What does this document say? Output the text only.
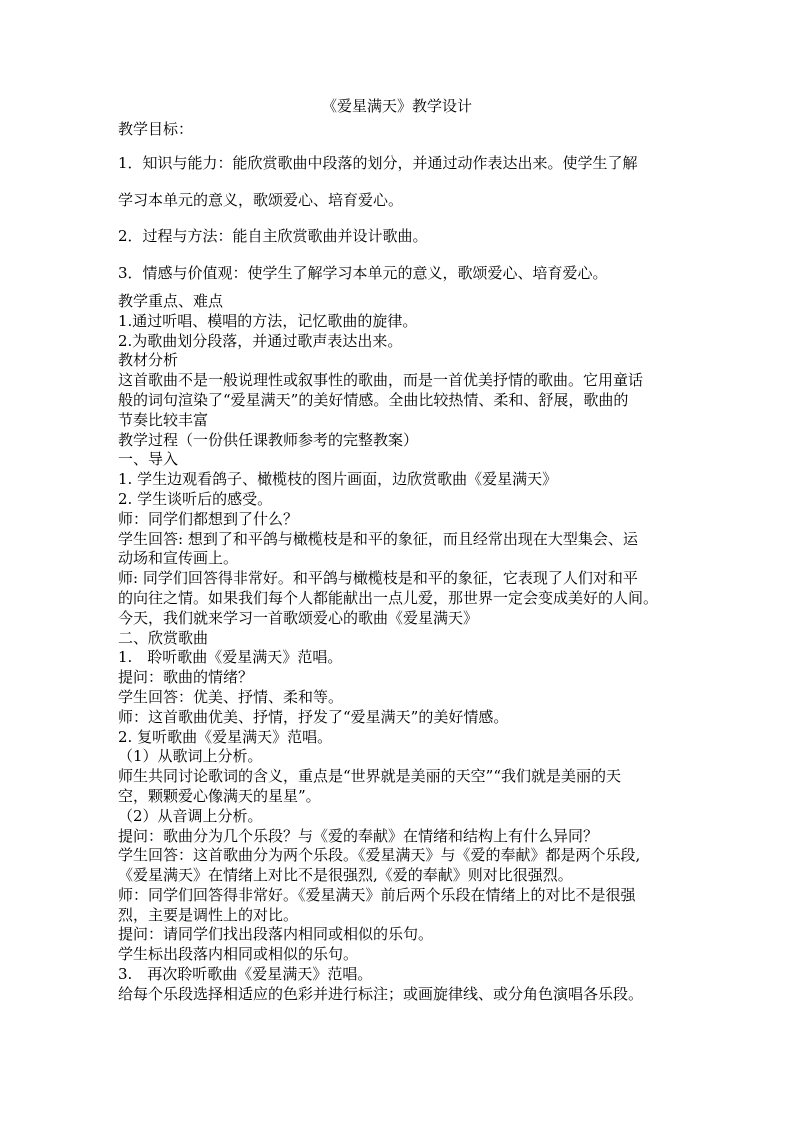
《爱星满天》教学设计

教学目标：

1．知识与能力：能欣赏歌曲中段落的划分，并通过动作表达出来。使学生了解

学习本单元的意义，歌颂爱心、培育爱心。

2．过程与方法：能自主欣赏歌曲并设计歌曲。

3．情感与价值观：使学生了解学习本单元的意义，歌颂爱心、培育爱心。

教学重点、难点

1.通过听唱、模唱的方法，记忆歌曲的旋律。

2.为歌曲划分段落，并通过歌声表达出来。

教材分析

这首歌曲不是一般说理性或叙事性的歌曲，而是一首优美抒情的歌曲。它用童话

般的词句渲染了“爱星满天”的美好情感。全曲比较热情、柔和、舒展，歌曲的

节奏比较丰富

教学过程（一份供任课教师参考的完整教案）

一、导入

1. 学生边观看鸽子、橄榄枝的图片画面，边欣赏歌曲《爱星满天》

2. 学生谈听后的感受。

师：同学们都想到了什么？

学生回答: 想到了和平鸽与橄榄枝是和平的象征，而且经常出现在大型集会、运

动场和宣传画上。

师: 同学们回答得非常好。和平鸽与橄榄枝是和平的象征，它表现了人们对和平

的向往之情。如果我们每个人都能献出一点儿爱，那世界一定会变成美好的人间。

今天，我们就来学习一首歌颂爱心的歌曲《爱星满天》

二、欣赏歌曲

1.　聆听歌曲《爱星满天》范唱。

提问：歌曲的情绪？

学生回答：优美、抒情、柔和等。

师：这首歌曲优美、抒情，抒发了“爱星满天”的美好情感。

2. 复听歌曲《爱星满天》范唱。

（1）从歌词上分析。

师生共同讨论歌词的含义，重点是“世界就是美丽的天空”“我们就是美丽的天

空，颗颗爱心像满天的星星”。

（2）从音调上分析。

提问：歌曲分为几个乐段？与《爱的奉献》在情绪和结构上有什么异同？

学生回答：这首歌曲分为两个乐段。《爱星满天》与《爱的奉献》都是两个乐段,

《爱星满天》在情绪上对比不是很强烈,《爱的奉献》则对比很强烈。

师：同学们回答得非常好。《爱星满天》前后两个乐段在情绪上的对比不是很强

烈，主要是调性上的对比。

提问：请同学们找出段落内相同或相似的乐句。

学生标出段落内相同或相似的乐句。

3.　再次聆听歌曲《爱星满天》范唱。

给每个乐段选择相适应的色彩并进行标注；或画旋律线、或分角色演唱各乐段。
